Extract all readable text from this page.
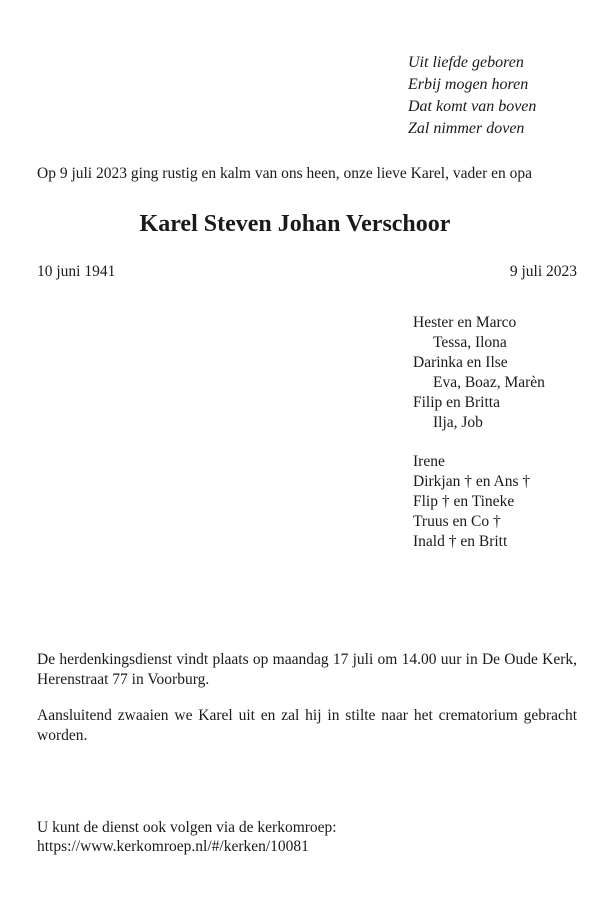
Uit liefde geboren
Erbij mogen horen
Dat komt van boven
Zal nimmer doven
Op 9 juli 2023 ging rustig en kalm van ons heen, onze lieve Karel, vader en opa
Karel Steven Johan Verschoor
10 juni 1941	9 juli 2023
Hester en Marco
Tessa, Ilona
Darinka en Ilse
Eva, Boaz, Marèn
Filip en Britta
Ilja, Job
Irene
Dirkjan † en Ans †
Flip † en Tineke
Truus en Co †
Inald † en Britt
De herdenkingsdienst vindt plaats op maandag 17 juli om 14.00 uur in De Oude Kerk, Herenstraat 77 in Voorburg.
Aansluitend zwaaien we Karel uit en zal hij in stilte naar het crematorium gebracht worden.
U kunt de dienst ook volgen via de kerkomroep:
https://www.kerkomroep.nl/#/kerken/10081
